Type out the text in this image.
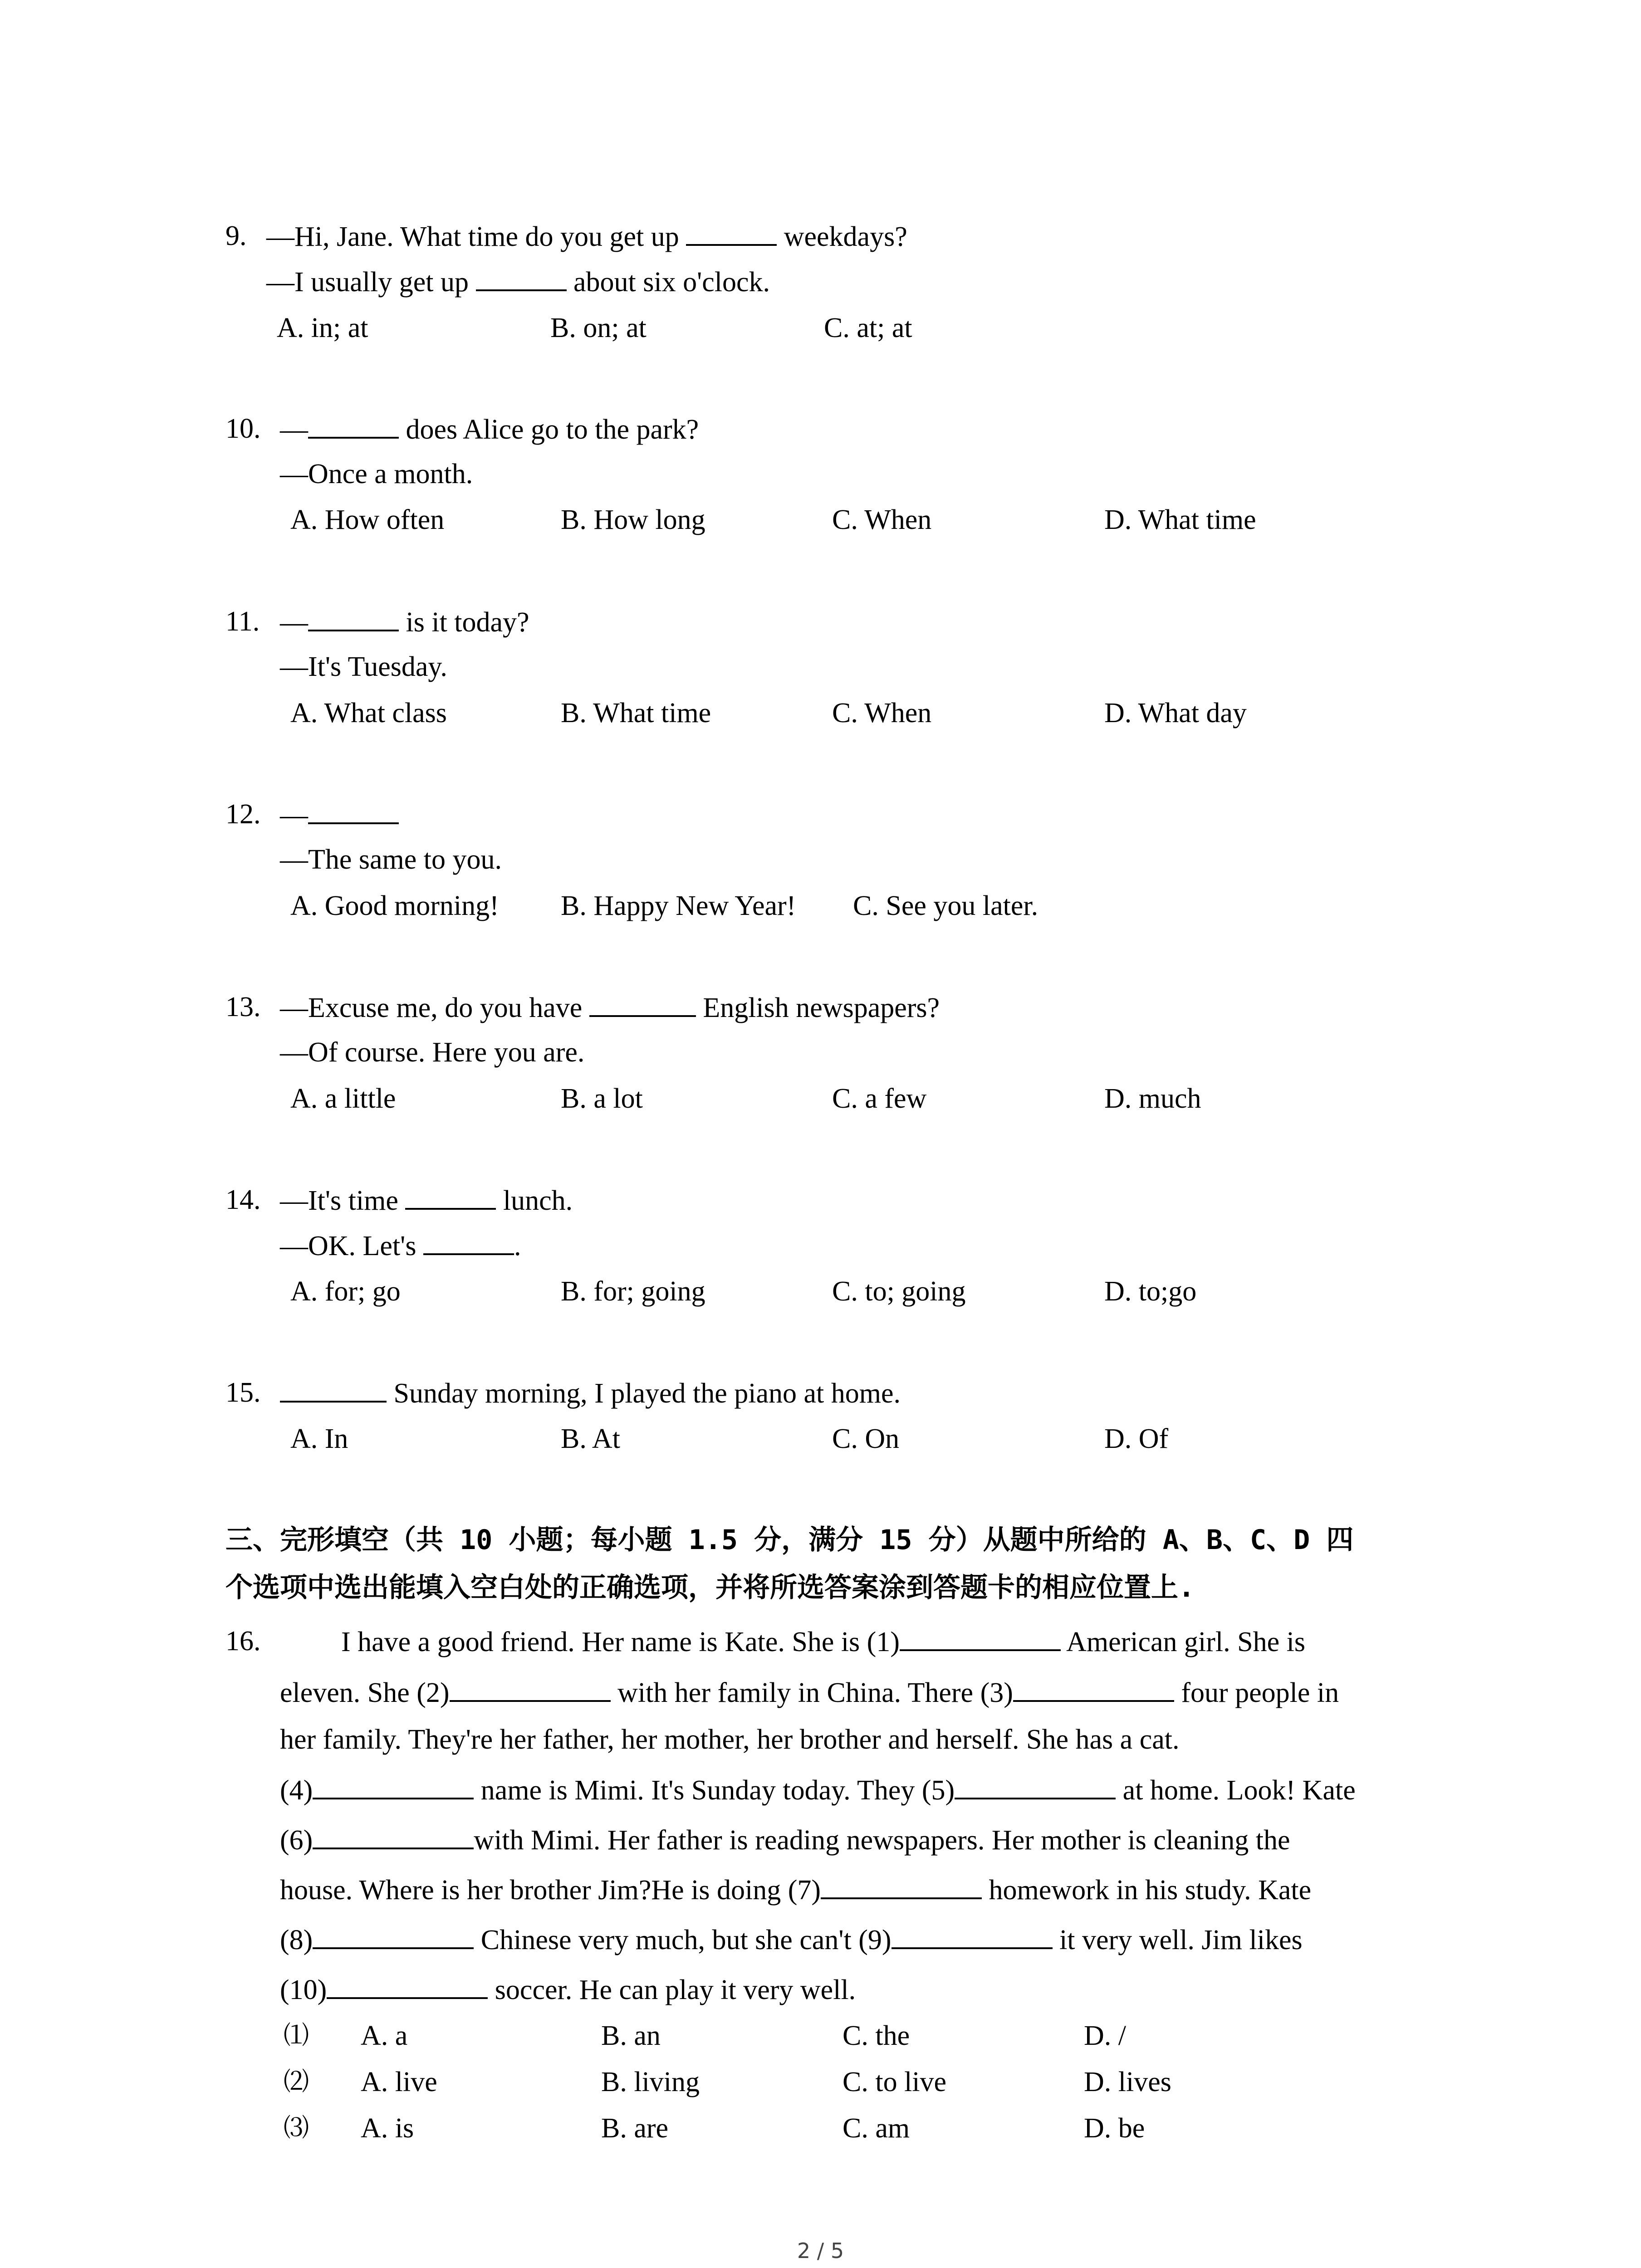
9. —Hi, Jane. What time do you get up	weekdays?
—I usually get up	about six o'clock.
A. in; at	B. on; at	C. at; at
10. —	does Alice go to the park?
—Once a month.
A. How often	B. How long	C. When	D. What time
11. —	is it today?
—It's Tuesday.
A. What class	B. What time	C. When	D. What day
12. —
—The same to you.
A. Good morning! B. Happy New Year! C. See you later.
13. —Excuse me, do you have	English newspapers?
—Of course. Here you are.
A. a little	B. a lot	C. a few	D. much
14. —It's time	lunch.
—OK. Let's	.
A. for; go	B. for; going	C. to; going	D. to;go
15.	Sunday morning, I played the piano at home.
A. In	B. At	C. On	D. Of
三、完形填空（共 10 小题；每小题 1.5 分，满分 15 分）从题中所给的 A、B、C、D 四
个选项中选出能填入空白处的正确选项，并将所选答案涂到答题卡的相应位置上.
16.	I have a good friend. Her name is Kate. She is (1)	American girl. She is
eleven. She (2)	with her family in China. There (3)	four people in
her family. They're her father, her mother, her brother and herself. She has a cat.
(4)	name is Mimi. It's Sunday today. They (5)	at home. Look! Kate
(6)	with Mimi. Her father is reading newspapers. Her mother is cleaning the
house. Where is her brother Jim?He is doing (7)	homework in his study. Kate
(8)	Chinese very much, but she can't (9)	it very well. Jim likes
(10)	soccer. He can play it very well.
⑴ A. a	B. an	C. the	D. /
⑵ A. live	B. living	C. to live	D. lives
⑶ A. is	B. are	C. am	D. be
2 / 5
